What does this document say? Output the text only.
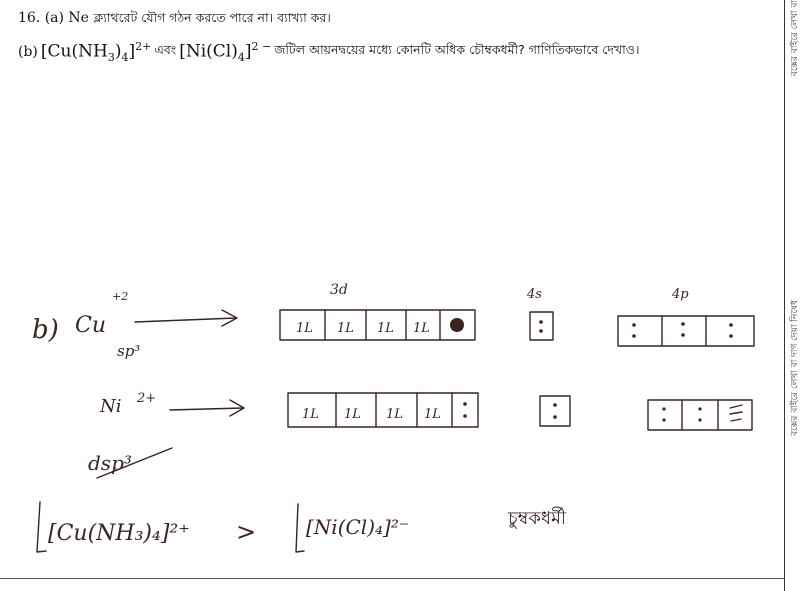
বক্সের বাইরে লেখা বা
বক্সের বাইরে লেখা বা দাগ দেয়া নিষেধ
16. (a) Ne ক্ল্যাথরেট যৌগ গঠন করতে পারে না। ব্যাখ্যা কর।
(b) $[Cu(NH_3)_4]^{2+}$ এবং $[Ni(Cl)_4]^{2 -}$ জটিল আয়নদ্বয়ের মধ্যে কোনটি অধিক চৌম্বকধর্মী? গাণিতিকভাবে দেখাও।
b) Cu
+2
sp³
3d	4s	4p
1L 1L 1L 1L
Ni 2+
dsp³
1L 1L 1L 1L
[Cu(NH₃)₄]²⁺ > [Ni(Cl)₄]²⁻	চুম্বকধর্মী
